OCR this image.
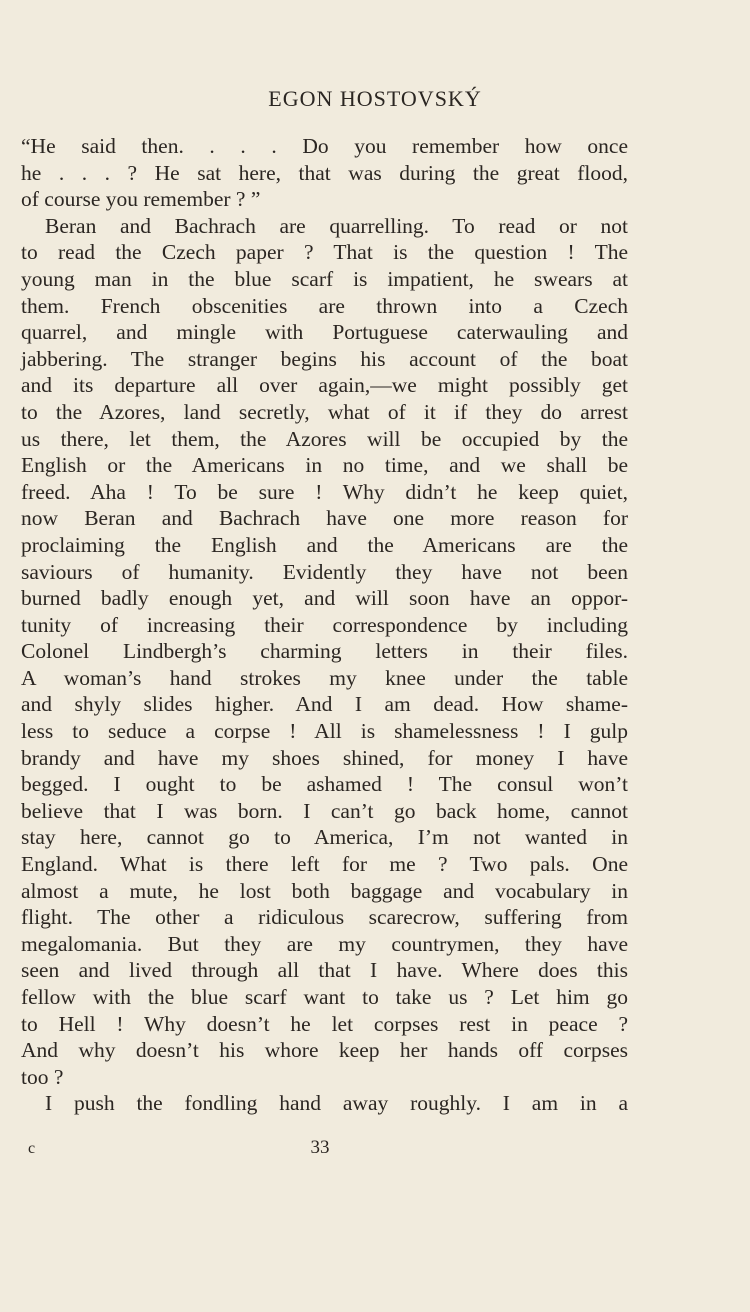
EGON HOSTOVSKÝ
“He said then. . . . Do you remember how once
he . . . ? He sat here, that was during the great flood,
of course you remember ? ”
Beran and Bachrach are quarrelling. To read or not
to read the Czech paper ? That is the question ! The
young man in the blue scarf is impatient, he swears at
them. French obscenities are thrown into a Czech
quarrel, and mingle with Portuguese caterwauling and
jabbering. The stranger begins his account of the boat
and its departure all over again,—we might possibly get
to the Azores, land secretly, what of it if they do arrest
us there, let them, the Azores will be occupied by the
English or the Americans in no time, and we shall be
freed. Aha ! To be sure ! Why didn’t he keep quiet,
now Beran and Bachrach have one more reason for
proclaiming the English and the Americans are the
saviours of humanity. Evidently they have not been
burned badly enough yet, and will soon have an oppor-
tunity of increasing their correspondence by including
Colonel Lindbergh’s charming letters in their files.
A woman’s hand strokes my knee under the table
and shyly slides higher. And I am dead. How shame-
less to seduce a corpse ! All is shamelessness ! I gulp
brandy and have my shoes shined, for money I have
begged. I ought to be ashamed ! The consul won’t
believe that I was born. I can’t go back home, cannot
stay here, cannot go to America, I’m not wanted in
England. What is there left for me ? Two pals. One
almost a mute, he lost both baggage and vocabulary in
flight. The other a ridiculous scarecrow, suffering from
megalomania. But they are my countrymen, they have
seen and lived through all that I have. Where does this
fellow with the blue scarf want to take us ? Let him go
to Hell ! Why doesn’t he let corpses rest in peace ?
And why doesn’t his whore keep her hands off corpses
too ?
I push the fondling hand away roughly. I am in a
c	33
